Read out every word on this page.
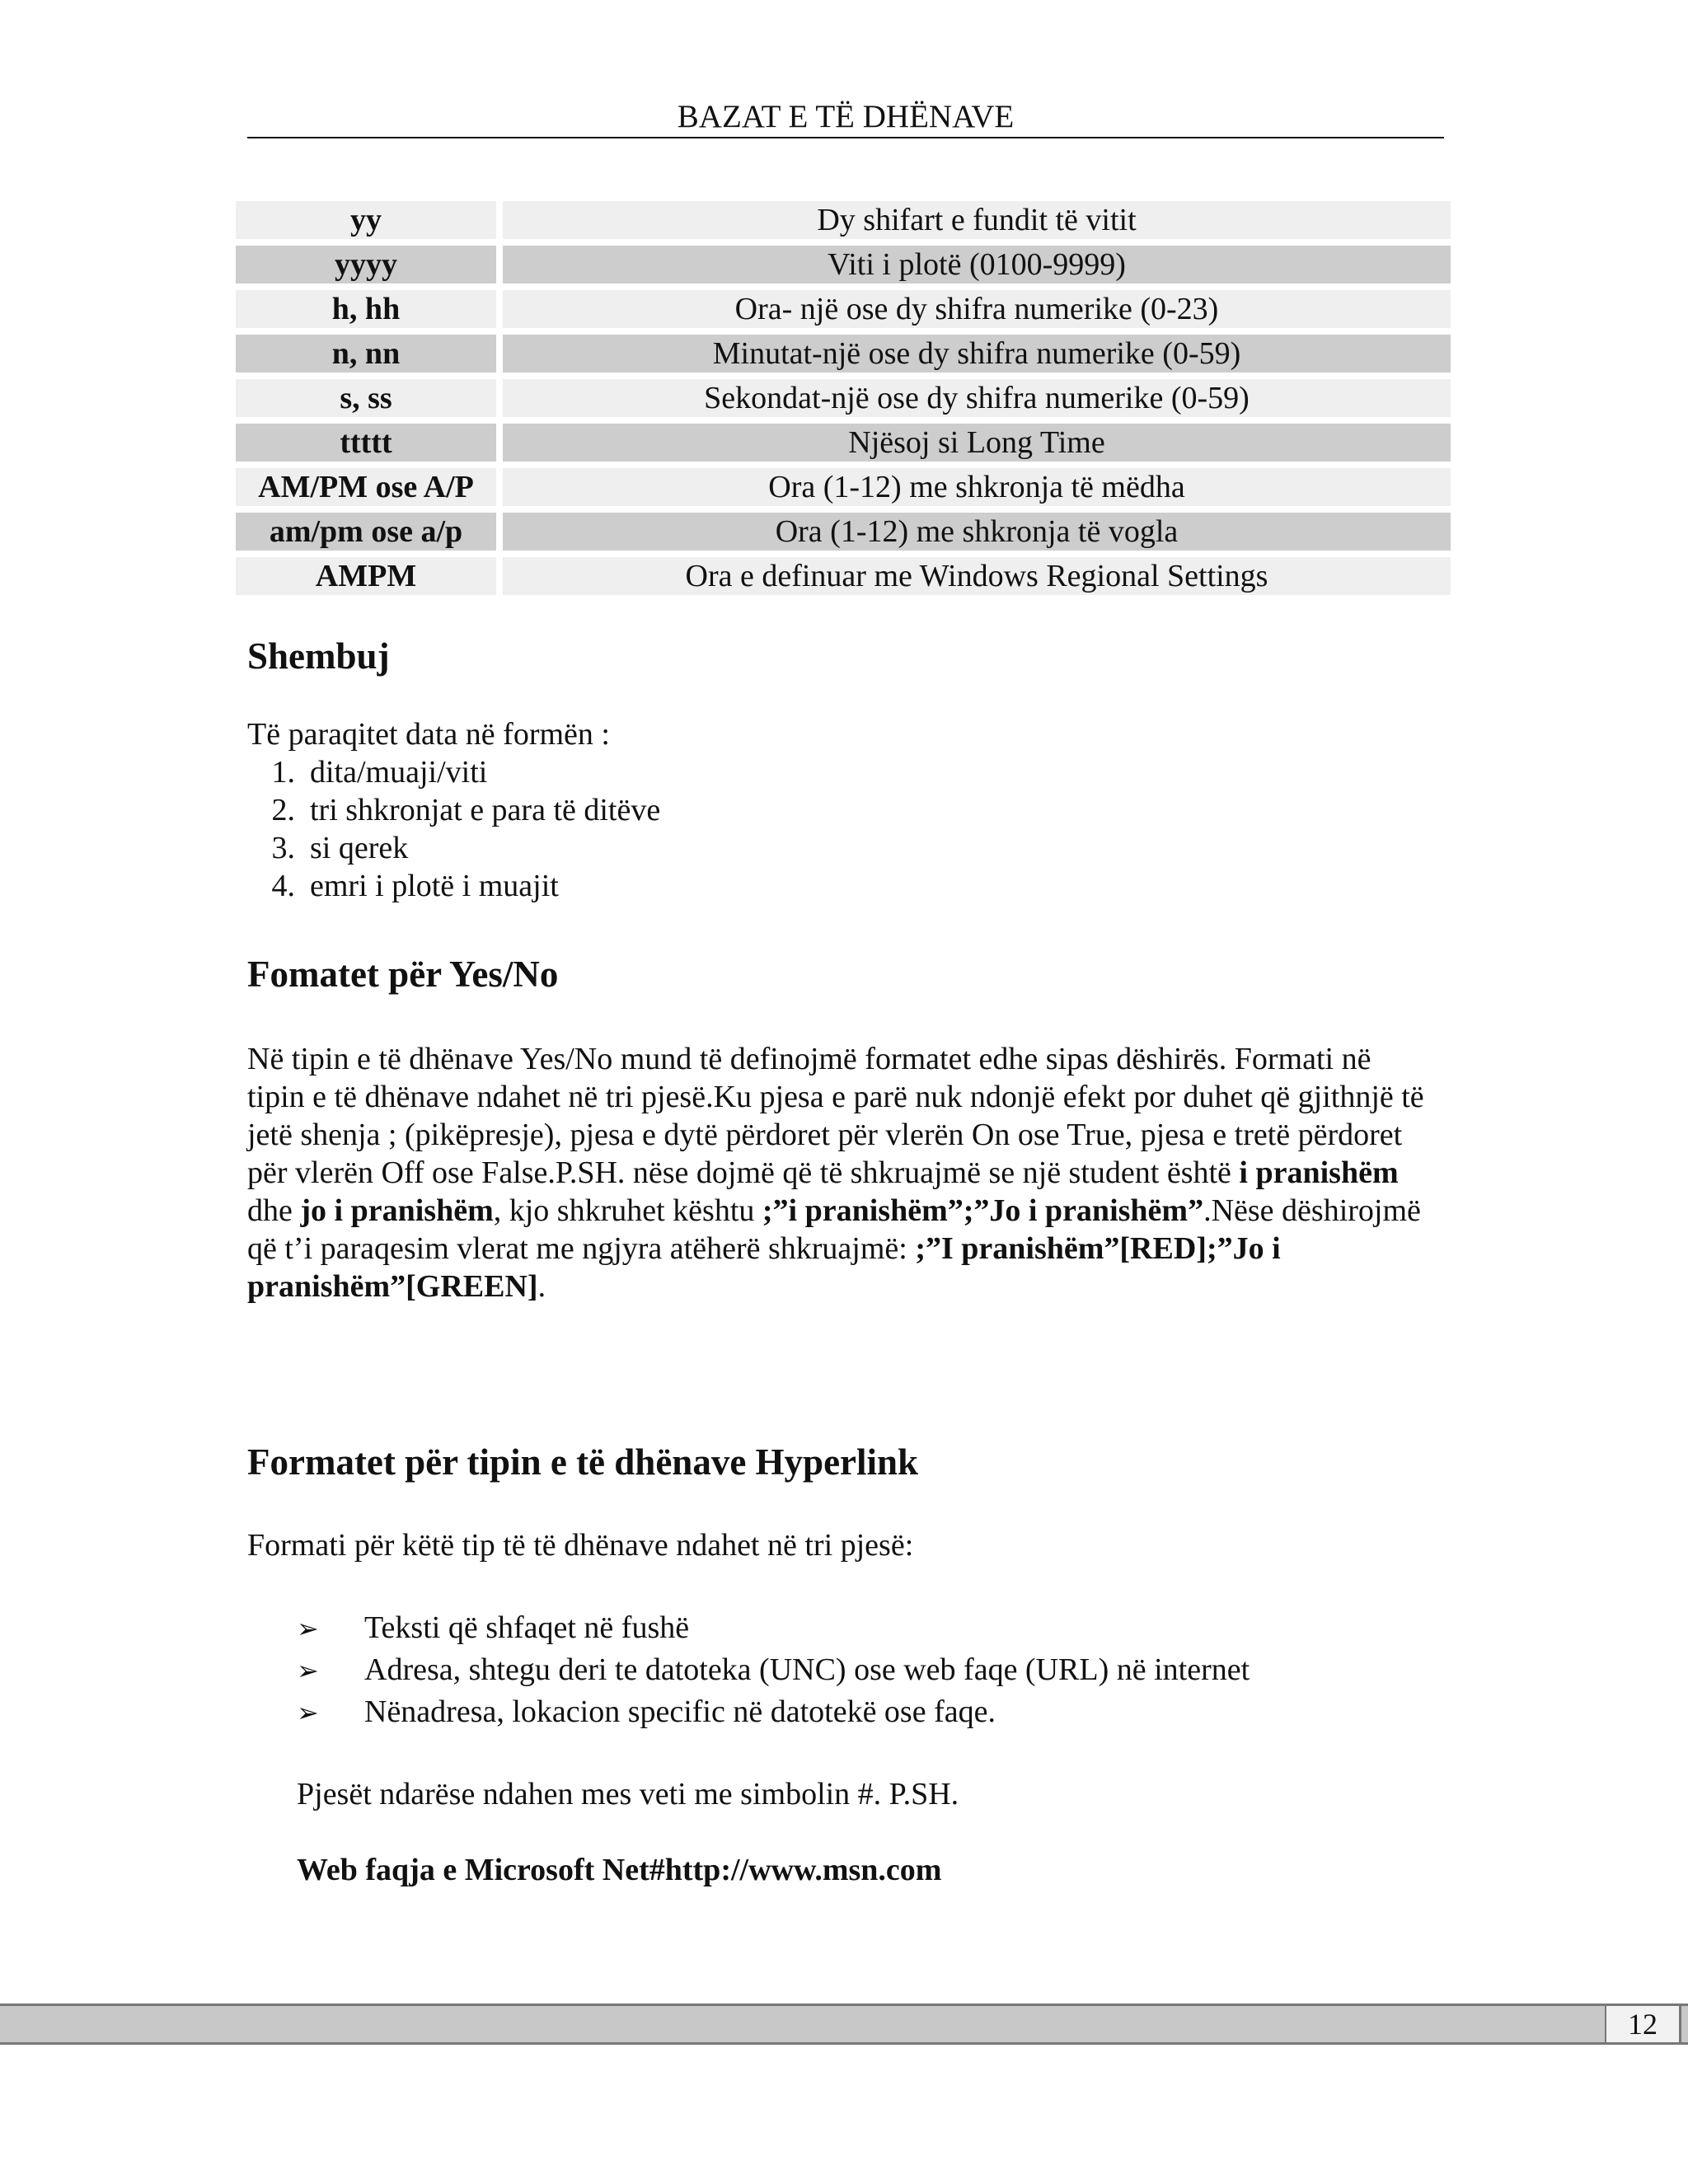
BAZAT E TË DHËNAVE
yy	Dy shifart e fundit të vitit
yyyy	Viti i plotë (0100-9999)
h, hh	Ora- një ose dy shifra numerike (0-23)
n, nn	Minutat-një ose dy shifra numerike (0-59)
s, ss	Sekondat-një ose dy shifra numerike (0-59)
ttttt	Njësoj si Long Time
AM/PM ose A/P	Ora (1-12) me shkronja të mëdha
am/pm ose a/p	Ora (1-12) me shkronja të vogla
AMPM	Ora e definuar me Windows Regional Settings
Shembuj

Të paraqitet data në formën :

1. dita/muaji/viti
2. tri shkronjat e para të ditëve
3. si qerek
4. emri i plotë i muajit
Fomatet për Yes/No

Në tipin e të dhënave Yes/No mund të definojmë formatet edhe sipas dëshirës. Formati në tipin e të dhënave ndahet në tri pjesë.Ku pjesa e parë nuk ndonjë efekt por duhet që gjithnjë të jetë shenja ; (pikëpresje), pjesa e dytë përdoret për vlerën On ose True, pjesa e tretë përdoret për vlerën Off ose False.P.SH. nëse dojmë që të shkruajmë se një student është i pranishëm dhe jo i pranishëm, kjo shkruhet kështu ;”i pranishëm”;”Jo i pranishëm”.Nëse dëshirojmë që t’i paraqesim vlerat me ngjyra atëherë shkruajmë: ;”I pranishëm”[RED];”Jo i pranishëm”[GREEN].

Formatet për tipin e të dhënave Hyperlink

Formati për këtë tip të të dhënave ndahet në tri pjesë:

➢ Teksti që shfaqet në fushë
➢ Adresa, shtegu deri te datoteka (UNC) ose web faqe (URL) në internet
➢ Nënadresa, lokacion specific në datotekë ose faqe.

Pjesët ndarëse ndahen mes veti me simbolin #. P.SH.

Web faqja e Microsoft Net#http://www.msn.com

12
